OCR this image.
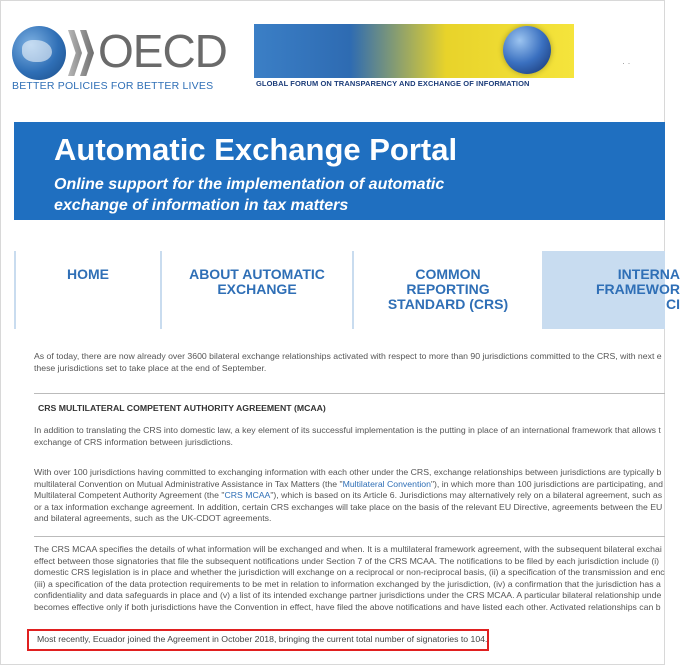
OECD
BETTER POLICIES FOR BETTER LIVES	GLOBAL FORUM ON TRANSPARENCY AND EXCHANGE OF INFORMATION
· ·
Automatic Exchange Portal
Online support for the implementation of automatic
exchange of information in tax matters
HOME	ABOUT AUTOMATIC
EXCHANGE
COMMON
REPORTING
STANDARD (CRS)
INTERNA
FRAMEWOR
CI
As of today, there are now already over 3600 bilateral exchange relationships activated with respect to more than 90 jurisdictions committed to the CRS, with next e
these jurisdictions set to take place at the end of September.
CRS MULTILATERAL COMPETENT AUTHORITY AGREEMENT (MCAA)
In addition to translating the CRS into domestic law, a key element of its successful implementation is the putting in place of an international framework that allows t
exchange of CRS information between jurisdictions.
With over 100 jurisdictions having committed to exchanging information with each other under the CRS, exchange relationships between jurisdictions are typically b
multilateral Convention on Mutual Administrative Assistance in Tax Matters (the "Multilateral Convention"), in which more than 100 jurisdictions are participating, and
Multilateral Competent Authority Agreement (the "CRS MCAA"), which is based on its Article 6. Jurisdictions may alternatively rely on a bilateral agreement, such as
or a tax information exchange agreement. In addition, certain CRS exchanges will take place on the basis of the relevant EU Directive, agreements between the EU
and bilateral agreements, such as the UK-CDOT agreements.
The CRS MCAA specifies the details of what information will be exchanged and when. It is a multilateral framework agreement, with the subsequent bilateral exchai
effect between those signatories that file the subsequent notifications under Section 7 of the CRS MCAA. The notifications to be filed by each jurisdiction include (i)
domestic CRS legislation is in place and whether the jurisdiction will exchange on a reciprocal or non-reciprocal basis, (ii) a specification of the transmission and enc
(iii) a specification of the data protection requirements to be met in relation to information exchanged by the jurisdiction, (iv) a confirmation that the jurisdiction has a
confidentiality and data safeguards in place and (v) a list of its intended exchange partner jurisdictions under the CRS MCAA. A particular bilateral relationship unde
becomes effective only if both jurisdictions have the Convention in effect, have filed the above notifications and have listed each other. Activated relationships can b
Most recently, Ecuador joined the Agreement in October 2018, bringing the current total number of signatories to 104.
